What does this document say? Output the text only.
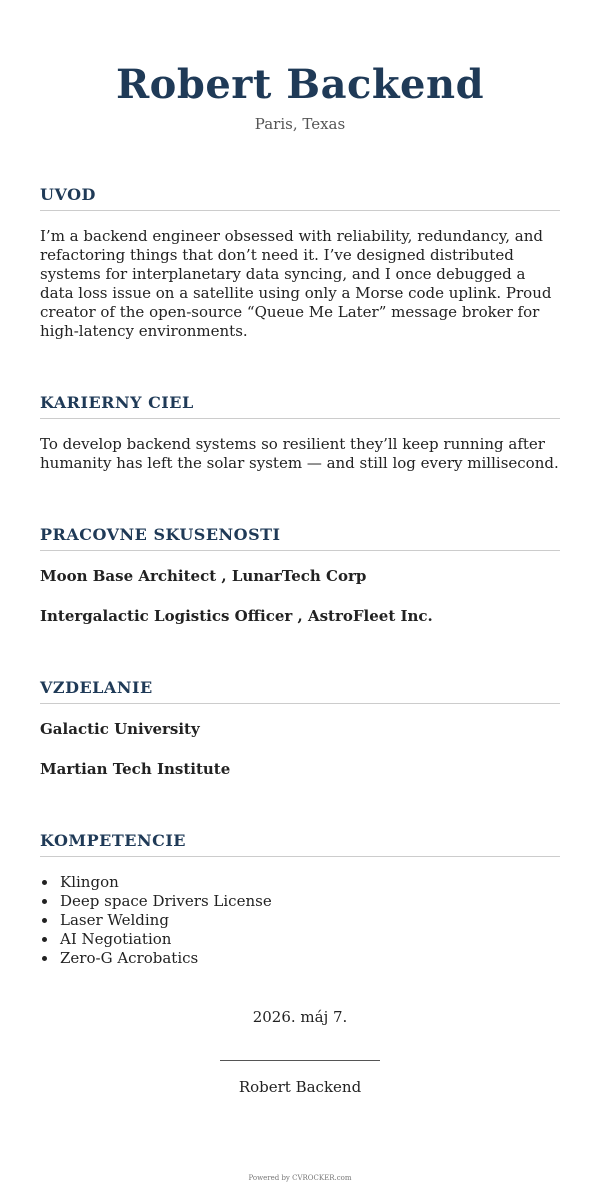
Robert Backend
Paris, Texas
UVOD

I’m a backend engineer obsessed with reliability, redundancy, and refactoring things that don’t need it. I’ve designed distributed systems for interplanetary data syncing, and I once debugged a data loss issue on a satellite using only a Morse code uplink. Proud creator of the open-source “Queue Me Later” message broker for high-latency environments.

KARIERNY CIEL

To develop backend systems so resilient they’ll keep running after humanity has left the solar system — and still log every millisecond.

PRACOVNE SKUSENOSTI
Moon Base Architect , LunarTech Corp
Intergalactic Logistics Officer , AstroFleet Inc.
VZDELANIE
Galactic University
Martian Tech Institute
KOMPETENCIE
Klingon
Deep space Drivers License
Laser Welding
AI Negotiation
Zero-G Acrobatics
2026. máj 7.
Robert Backend
Powered by CVROCKER.com
